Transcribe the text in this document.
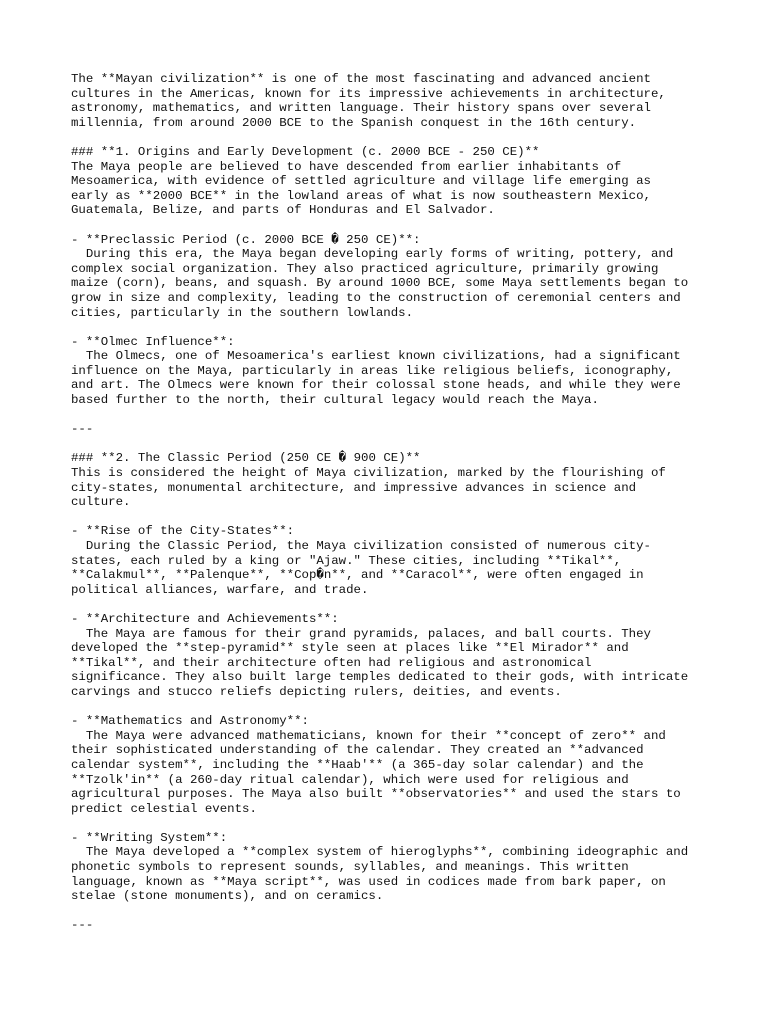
The **Mayan civilization** is one of the most fascinating and advanced ancient
cultures in the Americas, known for its impressive achievements in architecture,
astronomy, mathematics, and written language. Their history spans over several
millennia, from around 2000 BCE to the Spanish conquest in the 16th century.
### **1. Origins and Early Development (c. 2000 BCE - 250 CE)**
The Maya people are believed to have descended from earlier inhabitants of
Mesoamerica, with evidence of settled agriculture and village life emerging as
early as **2000 BCE** in the lowland areas of what is now southeastern Mexico,
Guatemala, Belize, and parts of Honduras and El Salvador.
- **Preclassic Period (c. 2000 BCE � 250 CE)**:
During this era, the Maya began developing early forms of writing, pottery, and
complex social organization. They also practiced agriculture, primarily growing
maize (corn), beans, and squash. By around 1000 BCE, some Maya settlements began to
grow in size and complexity, leading to the construction of ceremonial centers and
cities, particularly in the southern lowlands.
- **Olmec Influence**:
The Olmecs, one of Mesoamerica's earliest known civilizations, had a significant
influence on the Maya, particularly in areas like religious beliefs, iconography,
and art. The Olmecs were known for their colossal stone heads, and while they were
based further to the north, their cultural legacy would reach the Maya.
---
### **2. The Classic Period (250 CE � 900 CE)**
This is considered the height of Maya civilization, marked by the flourishing of
city-states, monumental architecture, and impressive advances in science and
culture.
- **Rise of the City-States**:
During the Classic Period, the Maya civilization consisted of numerous city-
states, each ruled by a king or "Ajaw." These cities, including **Tikal**,
**Calakmul**, **Palenque**, **Cop�n**, and **Caracol**, were often engaged in
political alliances, warfare, and trade.
- **Architecture and Achievements**:
The Maya are famous for their grand pyramids, palaces, and ball courts. They
developed the **step-pyramid** style seen at places like **El Mirador** and
**Tikal**, and their architecture often had religious and astronomical
significance. They also built large temples dedicated to their gods, with intricate
carvings and stucco reliefs depicting rulers, deities, and events.
- **Mathematics and Astronomy**:
The Maya were advanced mathematicians, known for their **concept of zero** and
their sophisticated understanding of the calendar. They created an **advanced
calendar system**, including the **Haab'** (a 365-day solar calendar) and the
**Tzolk'in** (a 260-day ritual calendar), which were used for religious and
agricultural purposes. The Maya also built **observatories** and used the stars to
predict celestial events.
- **Writing System**:
The Maya developed a **complex system of hieroglyphs**, combining ideographic and
phonetic symbols to represent sounds, syllables, and meanings. This written
language, known as **Maya script**, was used in codices made from bark paper, on
stelae (stone monuments), and on ceramics.
---
